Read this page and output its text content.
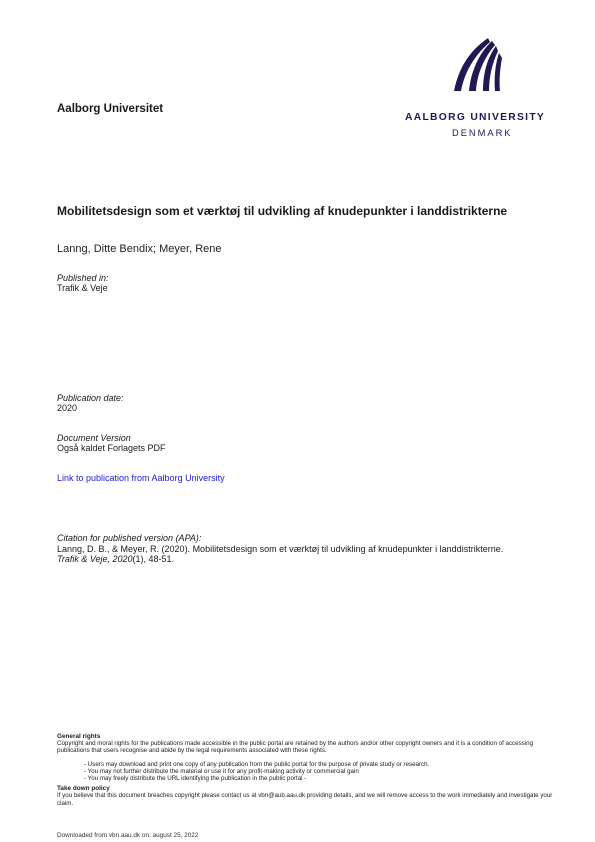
Aalborg Universitet
AALBORG UNIVERSITY
DENMARK
Mobilitetsdesign som et værktøj til udvikling af knudepunkter i landdistrikterne
Lanng, Ditte Bendix; Meyer, Rene
Published in:
Trafik & Veje
Publication date:
2020
Document Version
Også kaldet Forlagets PDF
Link to publication from Aalborg University
Citation for published version (APA):
Lanng, D. B., & Meyer, R. (2020). Mobilitetsdesign som et værktøj til udvikling af knudepunkter i landdistrikterne.
Trafik & Veje, 2020(1), 48-51.
General rights
Copyright and moral rights for the publications made accessible in the public portal are retained by the authors and/or other copyright owners and it is a condition of accessing publications that users recognise and abide by the legal requirements associated with these rights.
- Users may download and print one copy of any publication from the public portal for the purpose of private study or research.
- You may not further distribute the material or use it for any profit-making activity or commercial gain
- You may freely distribute the URL identifying the publication in the public portal -
Take down policy
If you believe that this document breaches copyright please contact us at vbn@aub.aau.dk providing details, and we will remove access to the work immediately and investigate your claim.
Downloaded from vbn.aau.dk on: august 25, 2022
